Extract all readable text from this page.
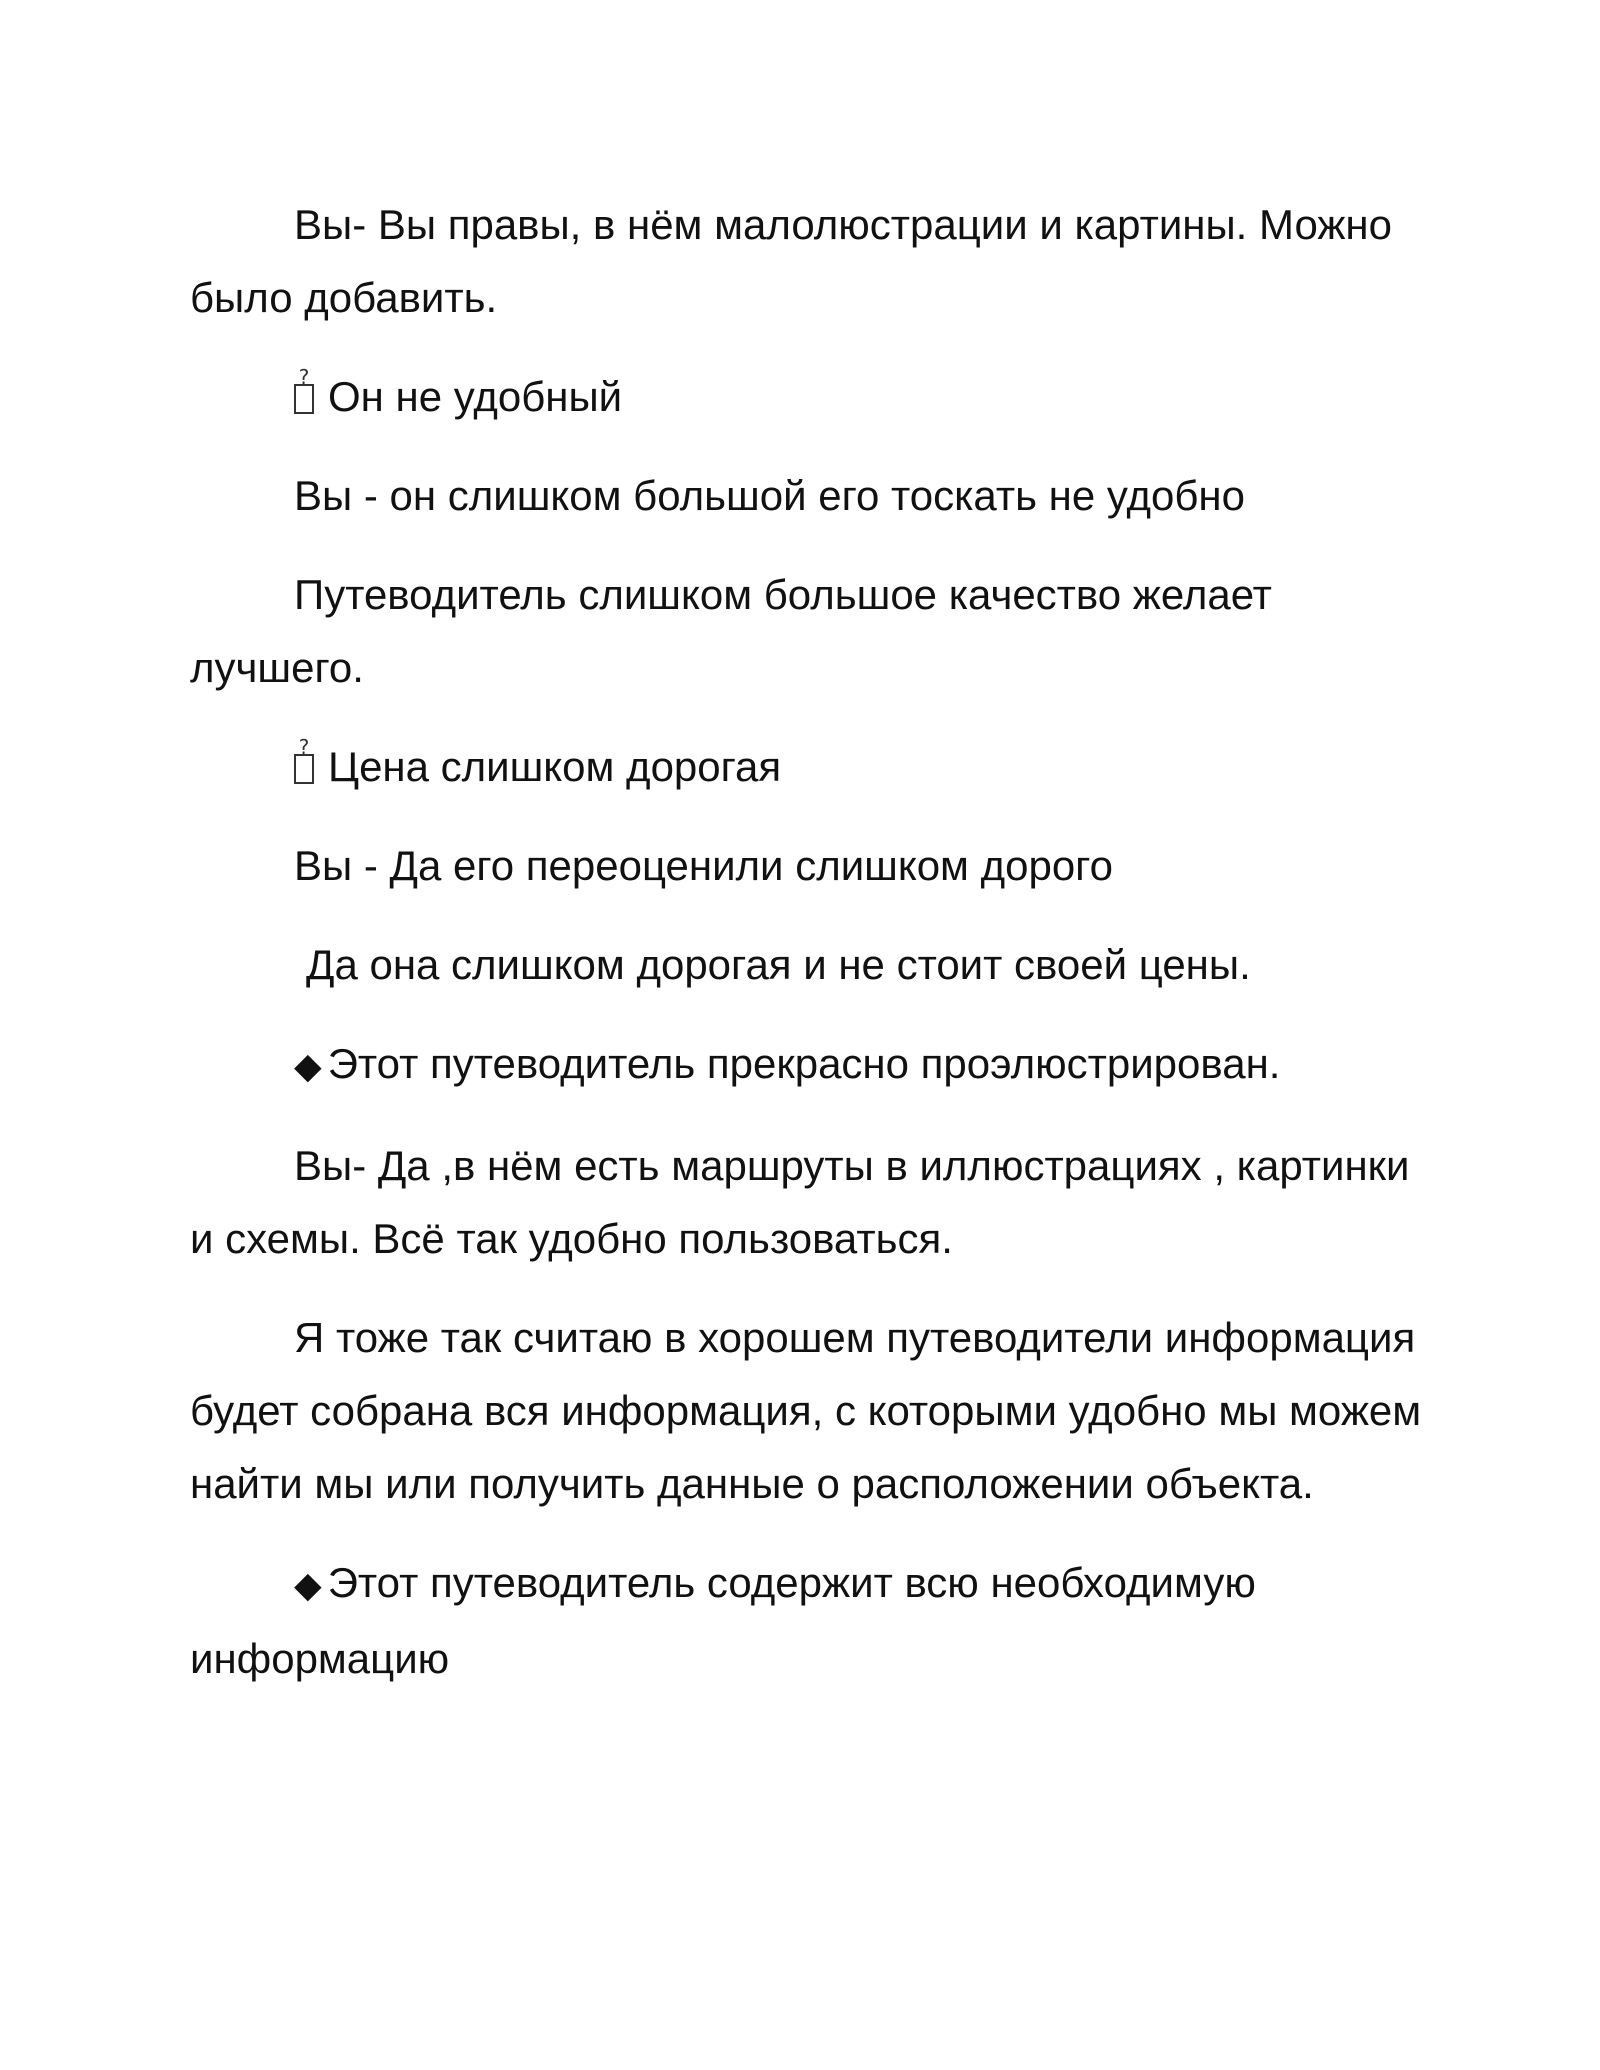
Вы- Вы правы, в нём малолюстрации и картины. Можно было добавить.

?Он не удобный

Вы - он слишком большой его тоскать не удобно

Путеводитель слишком большое качество желает лучшего.

?Цена слишком дорогая

Вы - Да его переоценили слишком дорого

Да она слишком дорогая и не стоит своей цены.

◆ Этот путеводитель прекрасно проэлюстрирован.

Вы- Да ,в нём есть маршруты в иллюстрациях , картинки и схемы. Всё так удобно пользоваться.

Я тоже так считаю в хорошем путеводители информация будет собрана вся информация, с которыми удобно мы можем найти мы или получить данные о расположении объекта.

◆ Этот путеводитель содержит всю необходимую информацию
